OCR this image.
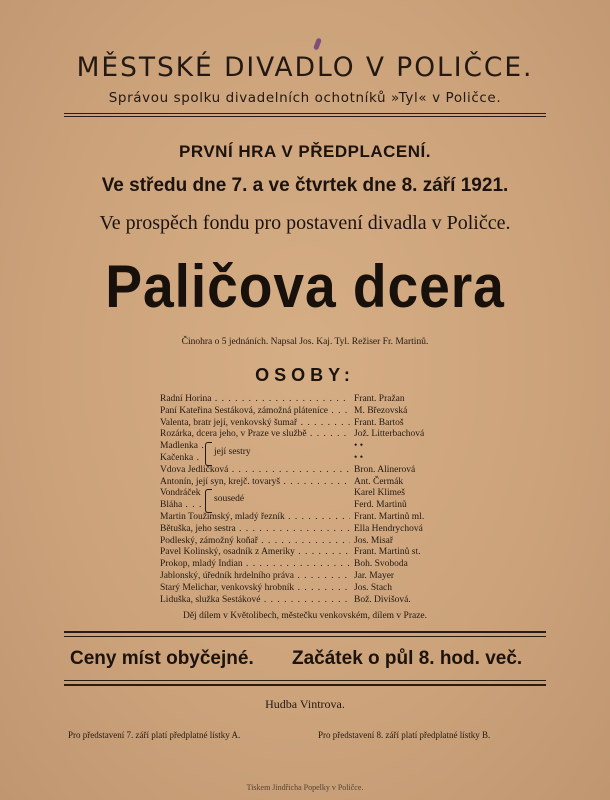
MĚSTSKÉ DIVADLO V POLIČCE.
Správou spolku divadelních ochotníků »Tyl« v Poličce.
PRVNÍ HRA V PŘEDPLACENÍ.
Ve středu dne 7. a ve čtvrtek dne 8. září 1921.
Ve prospěch fondu pro postavení divadla v Poličce.
Paličova dcera
Činohra o 5 jednáních. Napsal Jos. Kaj. Tyl. Režiser Fr. Martinů.
OSOBY:
její sestry
sousedé
Radní Horina . . .	Frant. Pražan
Paní Kateřina Šestáková, zámožná pláteníce . . .	M. Březovská
Valenta, bratr její, venkovský šumař . . .	Frant. Bartoš
Rozárka, dcera jeho, v Praze ve službě . . .	Jož. Litterbachová
Madlenka . . .	• •
Kačenka . . .	• •
Vdova Jedličková . . .	Bron. Alinerová
Antonín, její syn, krejč. tovaryš . . .	Ant. Čermák
Vondráček . . .	Karel Klimeš
Bláha . . .	Ferd. Martinů
Martin Toužimský, mladý řezník . . .	Frant. Martinů ml.
Bětuška, jeho sestra . . .	Ella Hendrychová
Podleský, zámožný koňař . . .	Jos. Misař
Pavel Kolinský, osadník z Ameriky . . .	Frant. Martinů st.
Prokop, mladý Indian . . .	Boh. Svoboda
Jablonský, úředník hrdelního práva . . .	Jar. Mayer
Starý Melichar, venkovský hrobník . . .	Jos. Stach
Liduška, služka Šestákové . . .	Bož. Divišová.
Děj dílem v Květolibech, městečku venkovském, dílem v Praze.
Ceny míst obyčejné. Začátek o půl 8. hod. več.
Hudba Vintrova.
Pro představení 7. září platí předplatné lístky A.	Pro představení 8. září platí předplatné lístky B.
Tiskem Jindřicha Popelky v Poličce.
